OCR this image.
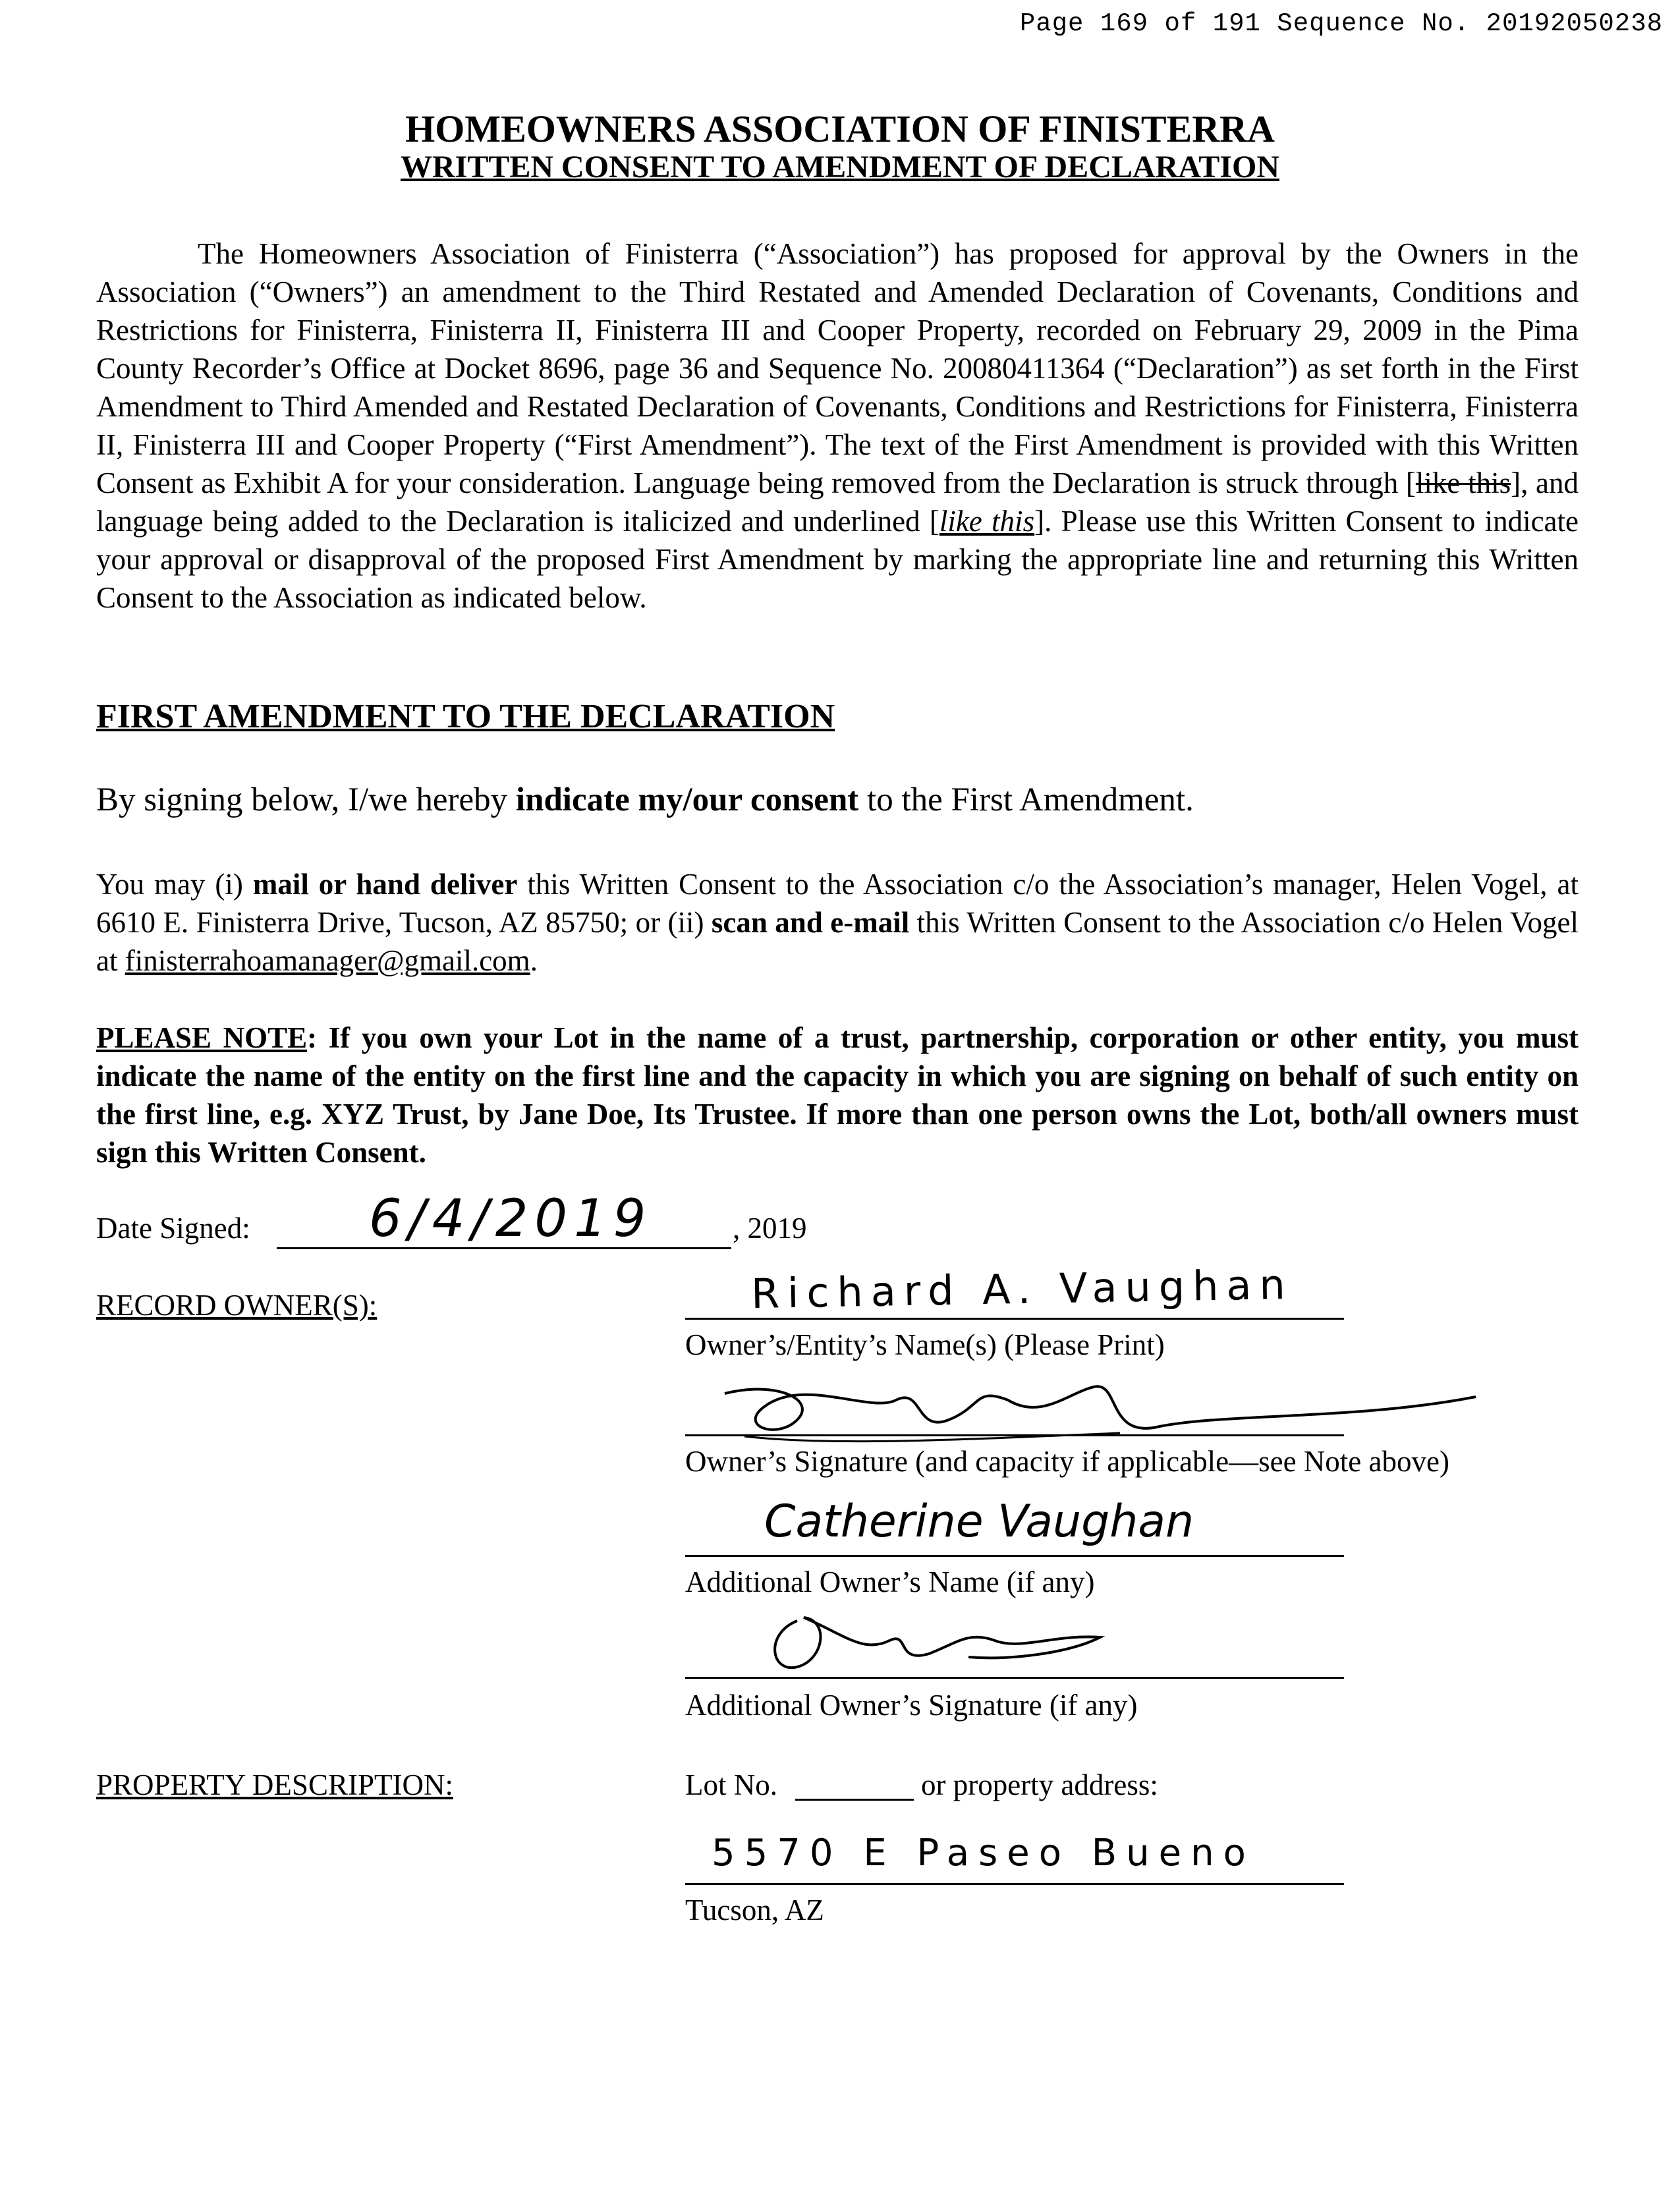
Page 169 of 191 Sequence No. 20192050238
HOMEOWNERS ASSOCIATION OF FINISTERRA
WRITTEN CONSENT TO AMENDMENT OF DECLARATION
The Homeowners Association of Finisterra (“Association”) has proposed for approval by the Owners in the Association (“Owners”) an amendment to the Third Restated and Amended Declaration of Covenants, Conditions and Restrictions for Finisterra, Finisterra II, Finisterra III and Cooper Property, recorded on February 29, 2009 in the Pima County Recorder’s Office at Docket 8696, page 36 and Sequence No. 20080411364 (“Declaration”) as set forth in the First Amendment to Third Amended and Restated Declaration of Covenants, Conditions and Restrictions for Finisterra, Finisterra II, Finisterra III and Cooper Property (“First Amendment”). The text of the First Amendment is provided with this Written Consent as Exhibit A for your consideration. Language being removed from the Declaration is struck through [like this], and language being added to the Declaration is italicized and underlined [like this]. Please use this Written Consent to indicate your approval or disapproval of the proposed First Amendment by marking the appropriate line and returning this Written Consent to the Association as indicated below.
FIRST AMENDMENT TO THE DECLARATION
By signing below, I/we hereby indicate my/our consent to the First Amendment.
You may (i) mail or hand deliver this Written Consent to the Association c/o the Association’s manager, Helen Vogel, at 6610 E. Finisterra Drive, Tucson, AZ 85750; or (ii) scan and e-mail this Written Consent to the Association c/o Helen Vogel at finisterrahoamanager@gmail.com.
PLEASE NOTE: If you own your Lot in the name of a trust, partnership, corporation or other entity, you must indicate the name of the entity on the first line and the capacity in which you are signing on behalf of such entity on the first line, e.g. XYZ Trust, by Jane Doe, Its Trustee. If more than one person owns the Lot, both/all owners must sign this Written Consent.
Date Signed: 6/4/2019	, 2019
RECORD OWNER(S):	Richard A. Vaughan
Owner’s/Entity’s Name(s) (Please Print)
Owner’s Signature (and capacity if applicable—see Note above)
Catherine Vaughan
Additional Owner’s Name (if any)
Additional Owner’s Signature (if any)
PROPERTY DESCRIPTION:	Lot No.	or property address:
5570 E Paseo Bueno
Tucson, AZ
